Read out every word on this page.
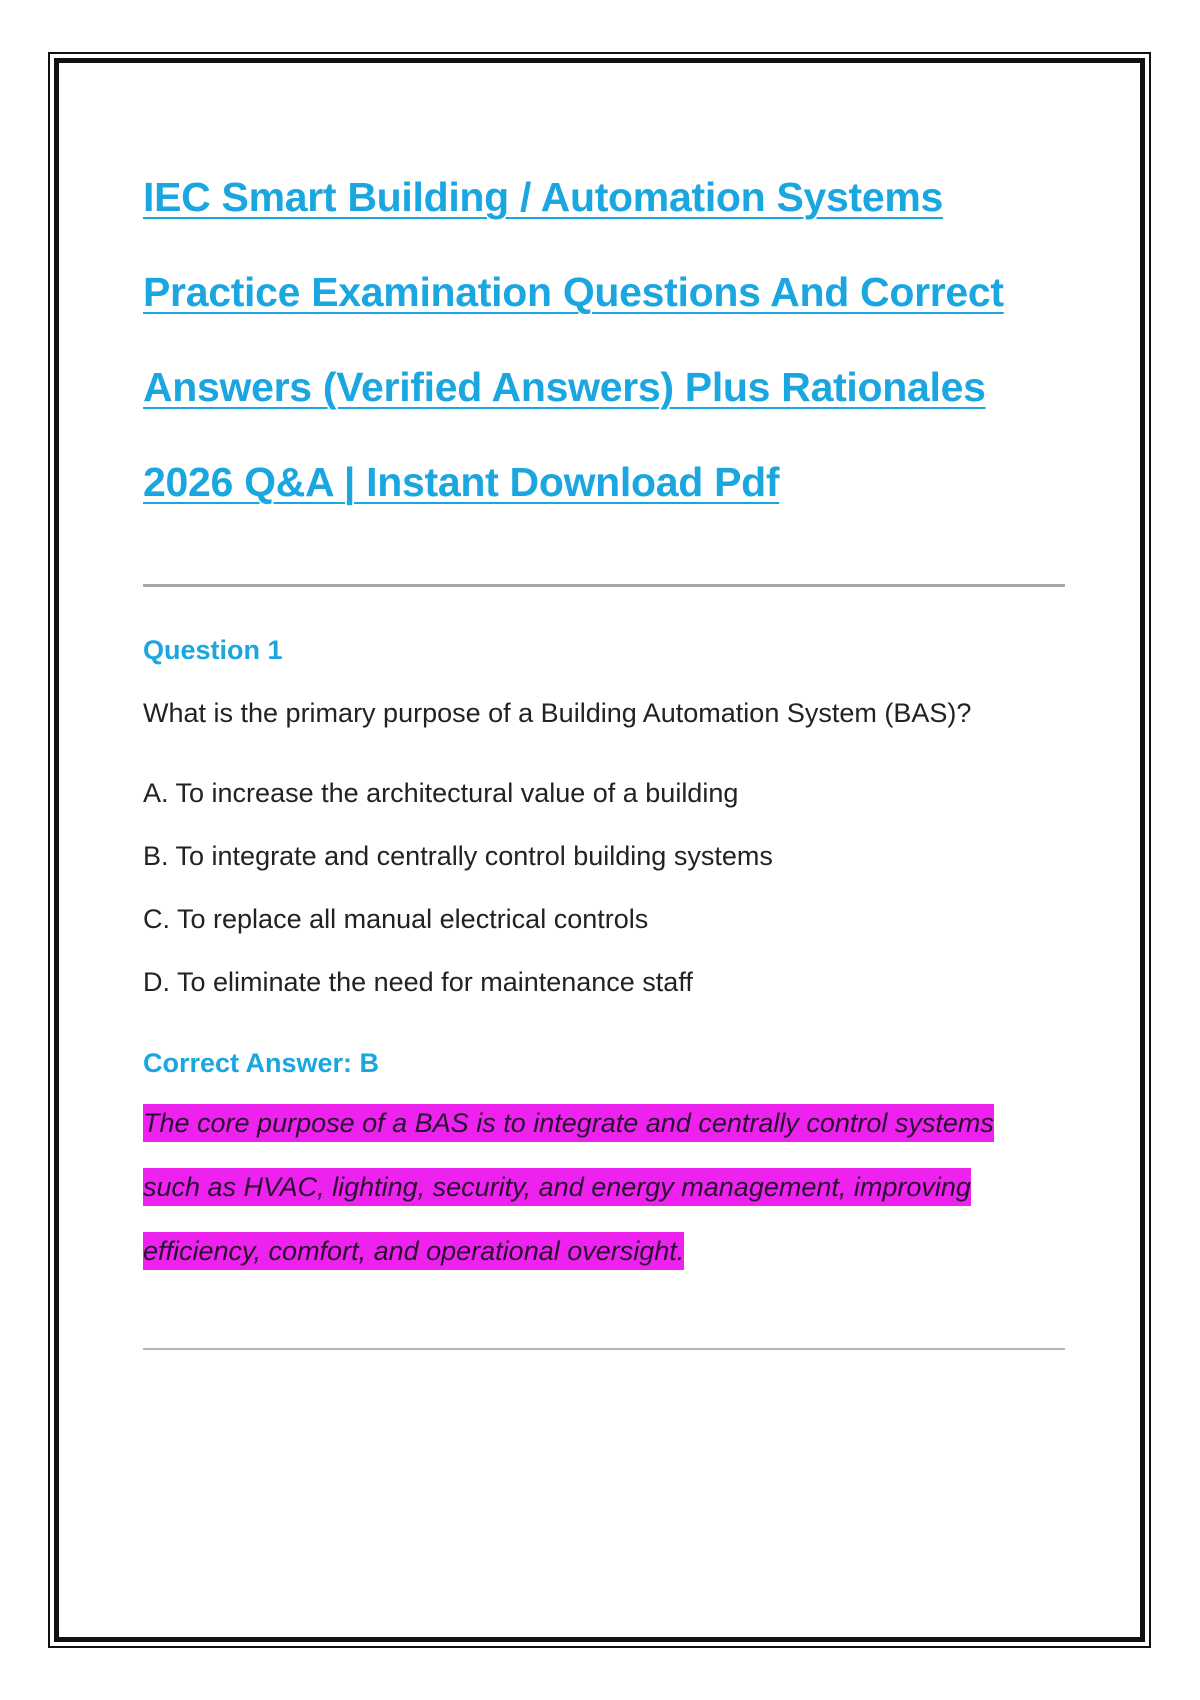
IEC Smart Building / Automation Systems
Practice Examination Questions And Correct
Answers (Verified Answers) Plus Rationales
2026 Q&A | Instant Download Pdf
Question 1
What is the primary purpose of a Building Automation System (BAS)?
A. To increase the architectural value of a building
B. To integrate and centrally control building systems
C. To replace all manual electrical controls
D. To eliminate the need for maintenance staff
Correct Answer: B
The core purpose of a BAS is to integrate and centrally control systems
such as HVAC, lighting, security, and energy management, improving
efficiency, comfort, and operational oversight.
